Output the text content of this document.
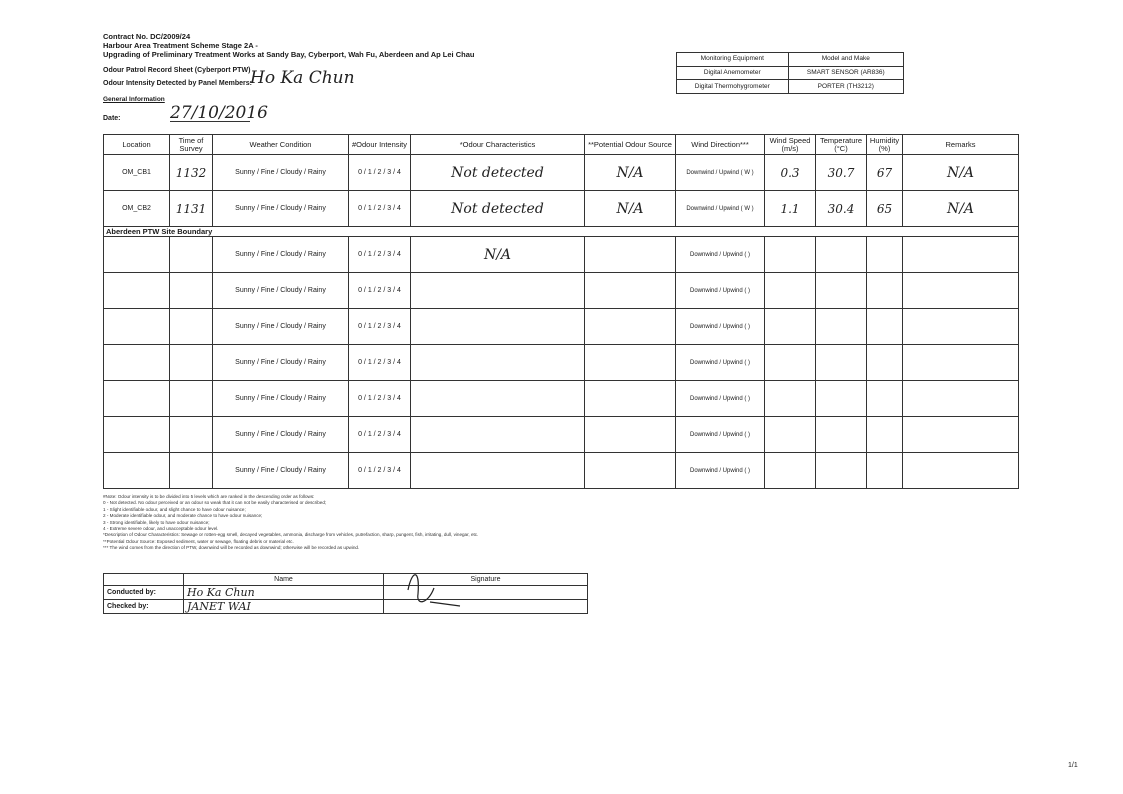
Contract No. DC/2009/24
Harbour Area Treatment Scheme Stage 2A -
Upgrading of Preliminary Treatment Works at Sandy Bay, Cyberport, Wah Fu, Aberdeen and Ap Lei Chau
Odour Patrol Record Sheet (Cyberport PTW)
Odour Intensity Detected by Panel Members:
Ho Ka Chun
General Information
Date:	27/10/2016
Monitoring Equipment	Model and Make
Digital Anemometer	SMART SENSOR (AR836)
Digital Thermohygrometer	PORTER (TH3212)
Location	Time of Survey	Weather Condition	#Odour Intensity	*Odour Characteristics	**Potential Odour Source	Wind Direction***	Wind Speed (m/s)	Temperature (°C)	Humidity (%)	Remarks
OM_CB1	1132	Sunny / Fine / Cloudy / Rainy	0 / 1 / 2 / 3 / 4	Not detected	N/A	Downwind / Upwind ( W )	0.3	30.7	67	N/A
OM_CB2	1131	Sunny / Fine / Cloudy / Rainy	0 / 1 / 2 / 3 / 4	Not detected	N/A	Downwind / Upwind ( W )	1.1	30.4	65	N/A
Aberdeen PTW Site Boundary										
		Sunny / Fine / Cloudy / Rainy	0 / 1 / 2 / 3 / 4	N/A		Downwind / Upwind ( )				
		Sunny / Fine / Cloudy / Rainy	0 / 1 / 2 / 3 / 4			Downwind / Upwind ( )				
		Sunny / Fine / Cloudy / Rainy	0 / 1 / 2 / 3 / 4			Downwind / Upwind ( )				
		Sunny / Fine / Cloudy / Rainy	0 / 1 / 2 / 3 / 4			Downwind / Upwind ( )				
		Sunny / Fine / Cloudy / Rainy	0 / 1 / 2 / 3 / 4			Downwind / Upwind ( )				
		Sunny / Fine / Cloudy / Rainy	0 / 1 / 2 / 3 / 4			Downwind / Upwind ( )				
		Sunny / Fine / Cloudy / Rainy	0 / 1 / 2 / 3 / 4			Downwind / Upwind ( )				
#Note: Odour intensity is to be divided into 5 levels which are ranked in the descending order as follows:
0 - Not detected. No odour perceived or an odour so weak that it can not be easily characterised or described;
1 - Slight identifiable odour, and slight chance to have odour nuisance;
2 - Moderate identifiable odour, and moderate chance to have odour nuisance;
3 - Strong identifiable, likely to have odour nuisance;
4 - Extreme severe odour, and unacceptable odour level.
*Description of Odour Characteristics: Sewage or rotten-egg smell, decayed vegetables, ammonia, discharge from vehicles, putrefaction, sharp, pungent, fish, irritating, dull, vinegar, etc.
**Potential Odour Source: Exposed sediment, water or sewage, floating debris or material etc.
*** The wind comes from the direction of PTW, downwind will be recorded as downwind; otherwise will be recorded as upwind.
	Name	Signature
Conducted by:	Ho Ka Chun	
Checked by:	JANET WAI	
1/1
